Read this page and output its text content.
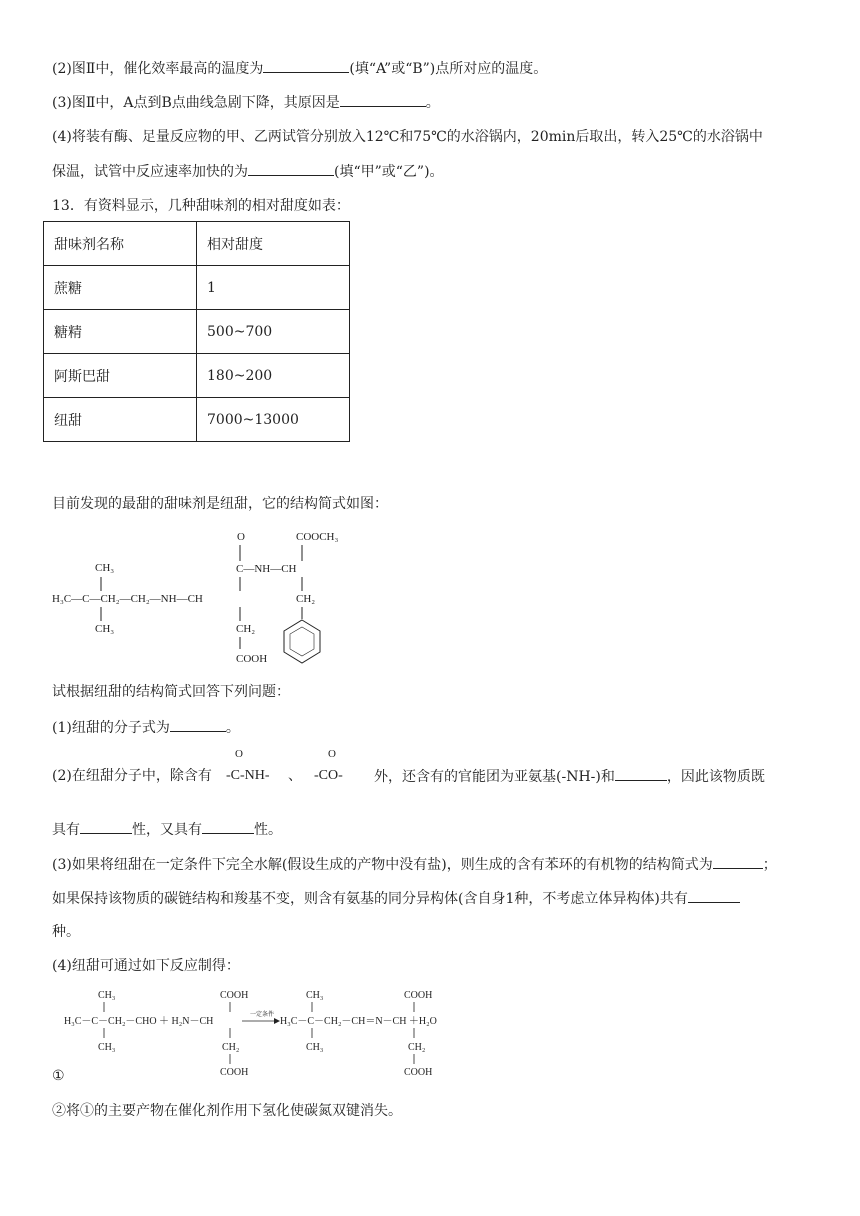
(2)图Ⅱ中，催化效率最高的温度为	(填“A”或“B”)点所对应的温度。
(3)图Ⅱ中，A点到B点曲线急剧下降，其原因是	。
(4)将装有酶、足量反应物的甲、乙两试管分别放入12℃和75℃的水浴锅内，20min后取出，转入25℃的水浴锅中
保温，试管中反应速率加快的为	(填“甲”或“乙”)。
13．有资料显示，几种甜味剂的相对甜度如表：
甜味剂名称	相对甜度
蔗糖	1
糖精	500~700
阿斯巴甜	180~200
纽甜	7000~13000
目前发现的最甜的甜味剂是纽甜，它的结构简式如图：
O	COOCH₃
CH₃	C—NH—CH
H₃C—C—CH₂—CH₂—NH—CH	CH₂
CH₃	CH₂
COOH
试根据纽甜的结构简式回答下列问题：
(1)纽甜的分子式为	。
(2)在纽甜分子中，除含有
O
-C-NH- 、
O
-CO- 外，还含有的官能团为亚氨基(-NH-)和	，因此该物质既
具有	性，又具有	性。
(3)如果将纽甜在一定条件下完全水解(假设生成的产物中没有盐)，则生成的含有苯环的有机物的结构简式为	；
如果保持该物质的碳链结构和羧基不变，则含有氨基的同分异构体(含自身1种，不考虑立体异构体)共有
种。
(4)纽甜可通过如下反应制得：
CH₃	COOH	CH₃	COOH
H₃C－C－CH₂－CHO ＋ H₂N－CH
一定条件
H₃C－C－CH₂－CH＝N－CH ＋H₂O
CH₃	CH₂	CH₃	CH₂
COOH	COOH
①
②将①的主要产物在催化剂作用下氢化使碳氮双键消失。
